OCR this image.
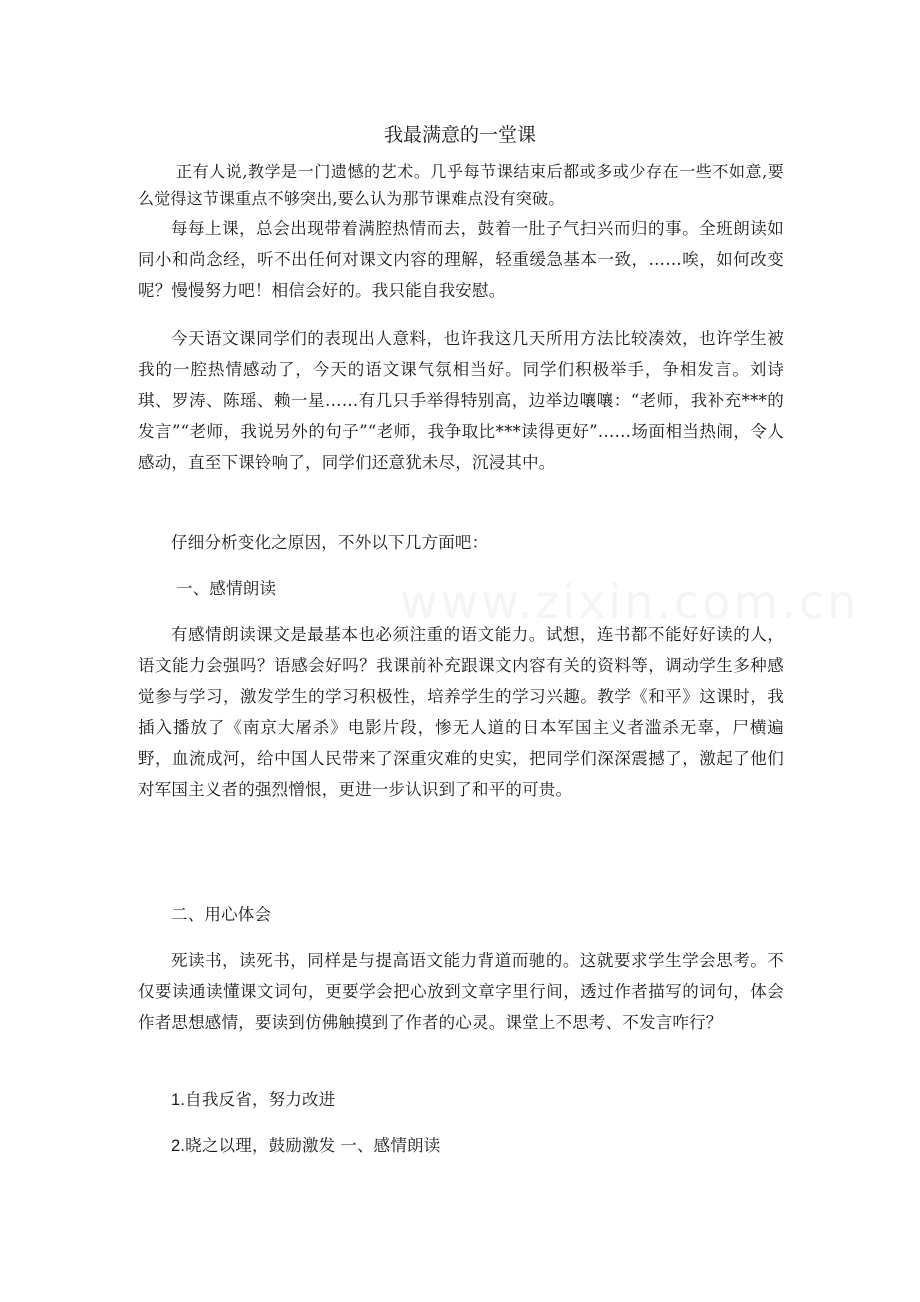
我最满意的一堂课

正有人说,教学是一门遗憾的艺术。几乎每节课结束后都或多或少存在一些不如意,要么觉得这节课重点不够突出,要么认为那节课难点没有突破。

每每上课，总会出现带着满腔热情而去，鼓着一肚子气扫兴而归的事。全班朗读如同小和尚念经，听不出任何对课文内容的理解，轻重缓急基本一致，……唉，如何改变呢？慢慢努力吧！相信会好的。我只能自我安慰。

今天语文课同学们的表现出人意料，也许我这几天所用方法比较凑效，也许学生被我的一腔热情感动了，今天的语文课气氛相当好。同学们积极举手，争相发言。刘诗琪、罗涛、陈瑶、赖一星……有几只手举得特别高，边举边嚷嚷：“老师，我补充***的发言”“老师，我说另外的句子”“老师，我争取比***读得更好”……场面相当热闹，令人感动，直至下课铃响了，同学们还意犹未尽，沉浸其中。

仔细分析变化之原因，不外以下几方面吧：

一、感情朗读

有感情朗读课文是最基本也必须注重的语文能力。试想，连书都不能好好读的人，语文能力会强吗？语感会好吗？我课前补充跟课文内容有关的资料等，调动学生多种感觉参与学习，激发学生的学习积极性，培养学生的学习兴趣。教学《和平》这课时，我插入播放了《南京大屠杀》电影片段，惨无人道的日本军国主义者滥杀无辜，尸横遍野，血流成河，给中国人民带来了深重灾难的史实，把同学们深深震撼了，激起了他们对军国主义者的强烈憎恨，更进一步认识到了和平的可贵。

二、用心体会

死读书，读死书，同样是与提高语文能力背道而驰的。这就要求学生学会思考。不仅要读通读懂课文词句，更要学会把心放到文章字里行间，透过作者描写的词句，体会作者思想感情，要读到仿佛触摸到了作者的心灵。课堂上不思考、不发言咋行？

1.自我反省，努力改进

2.晓之以理，鼓励激发 一、感情朗读
